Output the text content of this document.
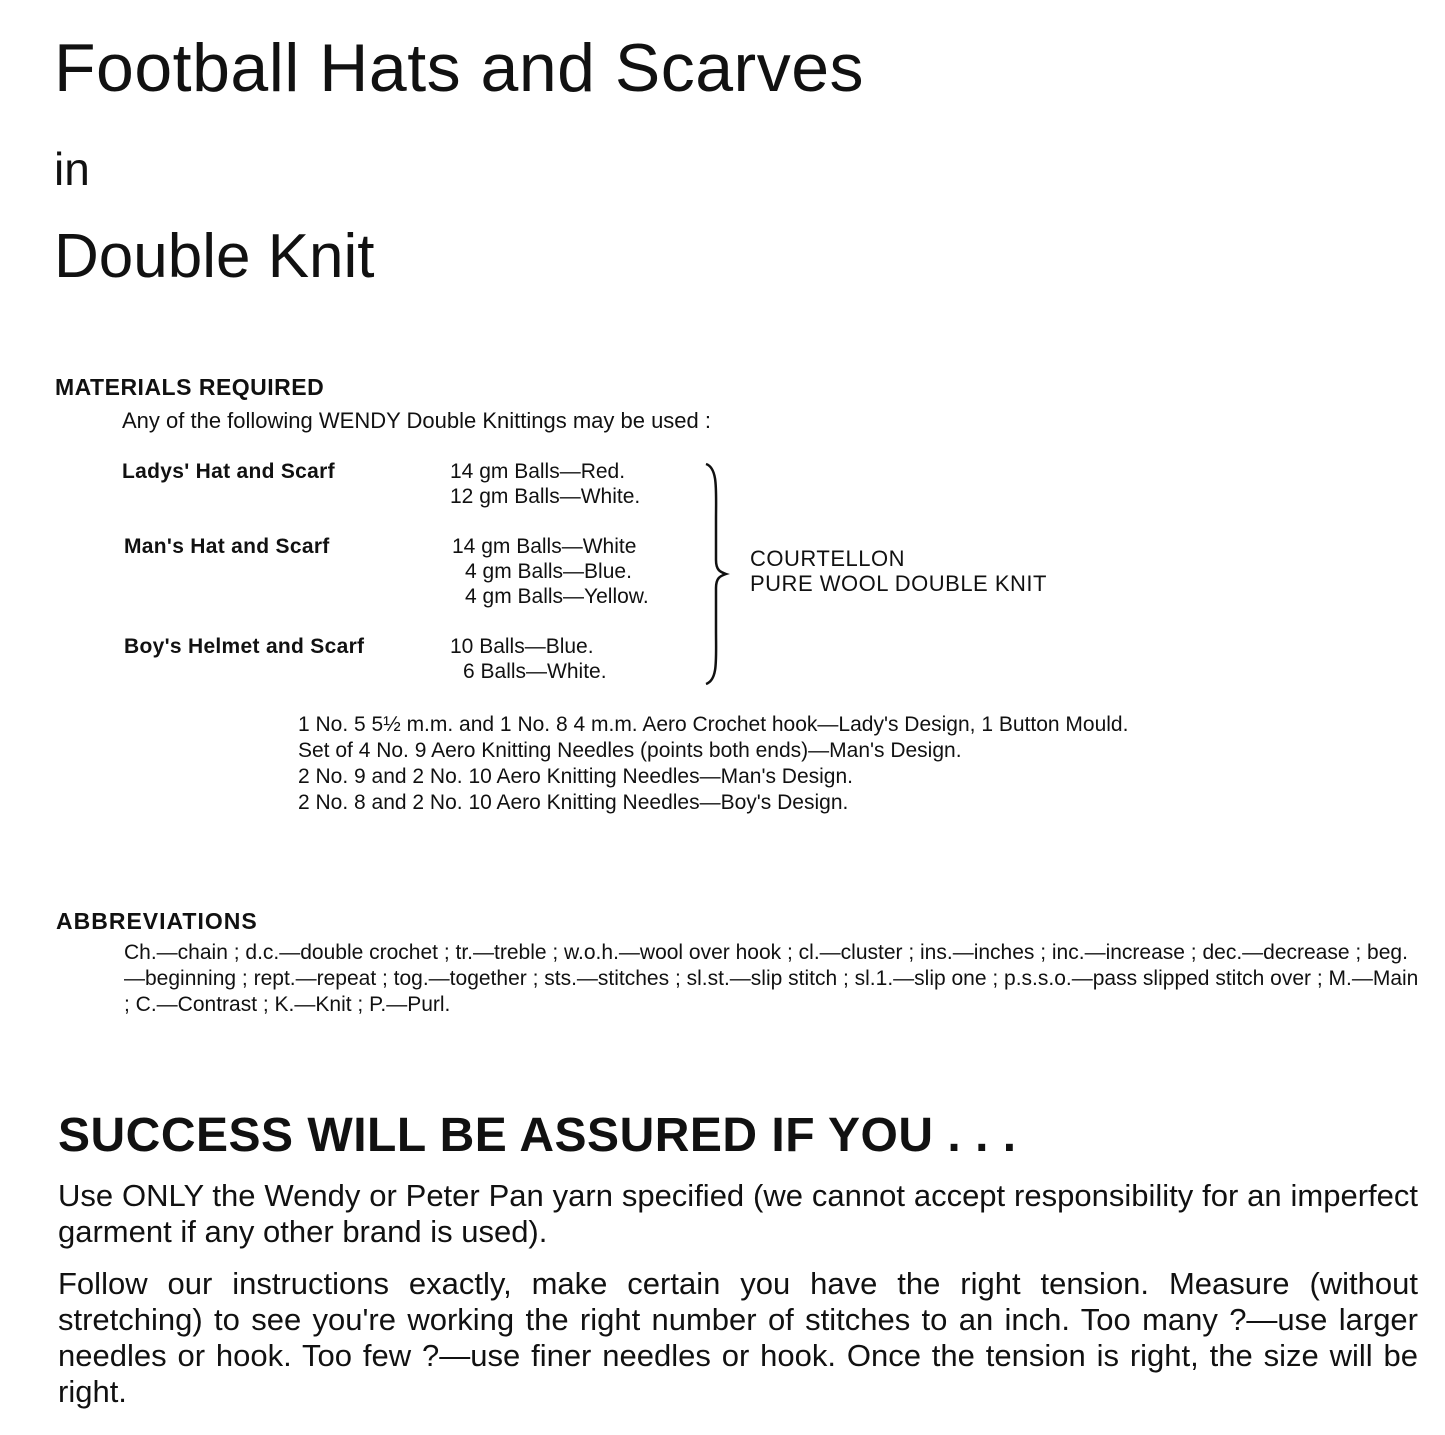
Football Hats and Scarves
in
Double Knit
MATERIALS REQUIRED
Any of the following WENDY Double Knittings may be used :
Ladys' Hat and Scarf	14 gm Balls—Red.
12 gm Balls—White.
Man's Hat and Scarf	14 gm Balls—White
4 gm Balls—Blue.
4 gm Balls—Yellow.
Boy's Helmet and Scarf	10 Balls—Blue.
6 Balls—White.
COURTELLON
PURE WOOL DOUBLE KNIT
1 No. 5 5½ m.m. and 1 No. 8 4 m.m. Aero Crochet hook—Lady's Design, 1 Button Mould.
Set of 4 No. 9 Aero Knitting Needles (points both ends)—Man's Design.
2 No. 9 and 2 No. 10 Aero Knitting Needles—Man's Design.
2 No. 8 and 2 No. 10 Aero Knitting Needles—Boy's Design.
ABBREVIATIONS
Ch.—chain ; d.c.—double crochet ; tr.—treble ; w.o.h.—wool over hook ; cl.—cluster ; ins.—inches ; inc.—increase ; dec.—decrease ; beg.—beginning ; rept.—repeat ; tog.—together ; sts.—stitches ; sl.st.—slip stitch ; sl.1.—slip one ; p.s.s.o.—pass slipped stitch over ; M.—Main ; C.—Contrast ; K.—Knit ; P.—Purl.
SUCCESS WILL BE ASSURED IF YOU . . .
Use ONLY the Wendy or Peter Pan yarn specified (we cannot accept responsibility for an imperfect garment if any other brand is used).
Follow our instructions exactly, make certain you have the right tension. Measure (without stretching) to see you're working the right number of stitches to an inch. Too many ?—use larger needles or hook. Too few ?—use finer needles or hook. Once the tension is right, the size will be right.
